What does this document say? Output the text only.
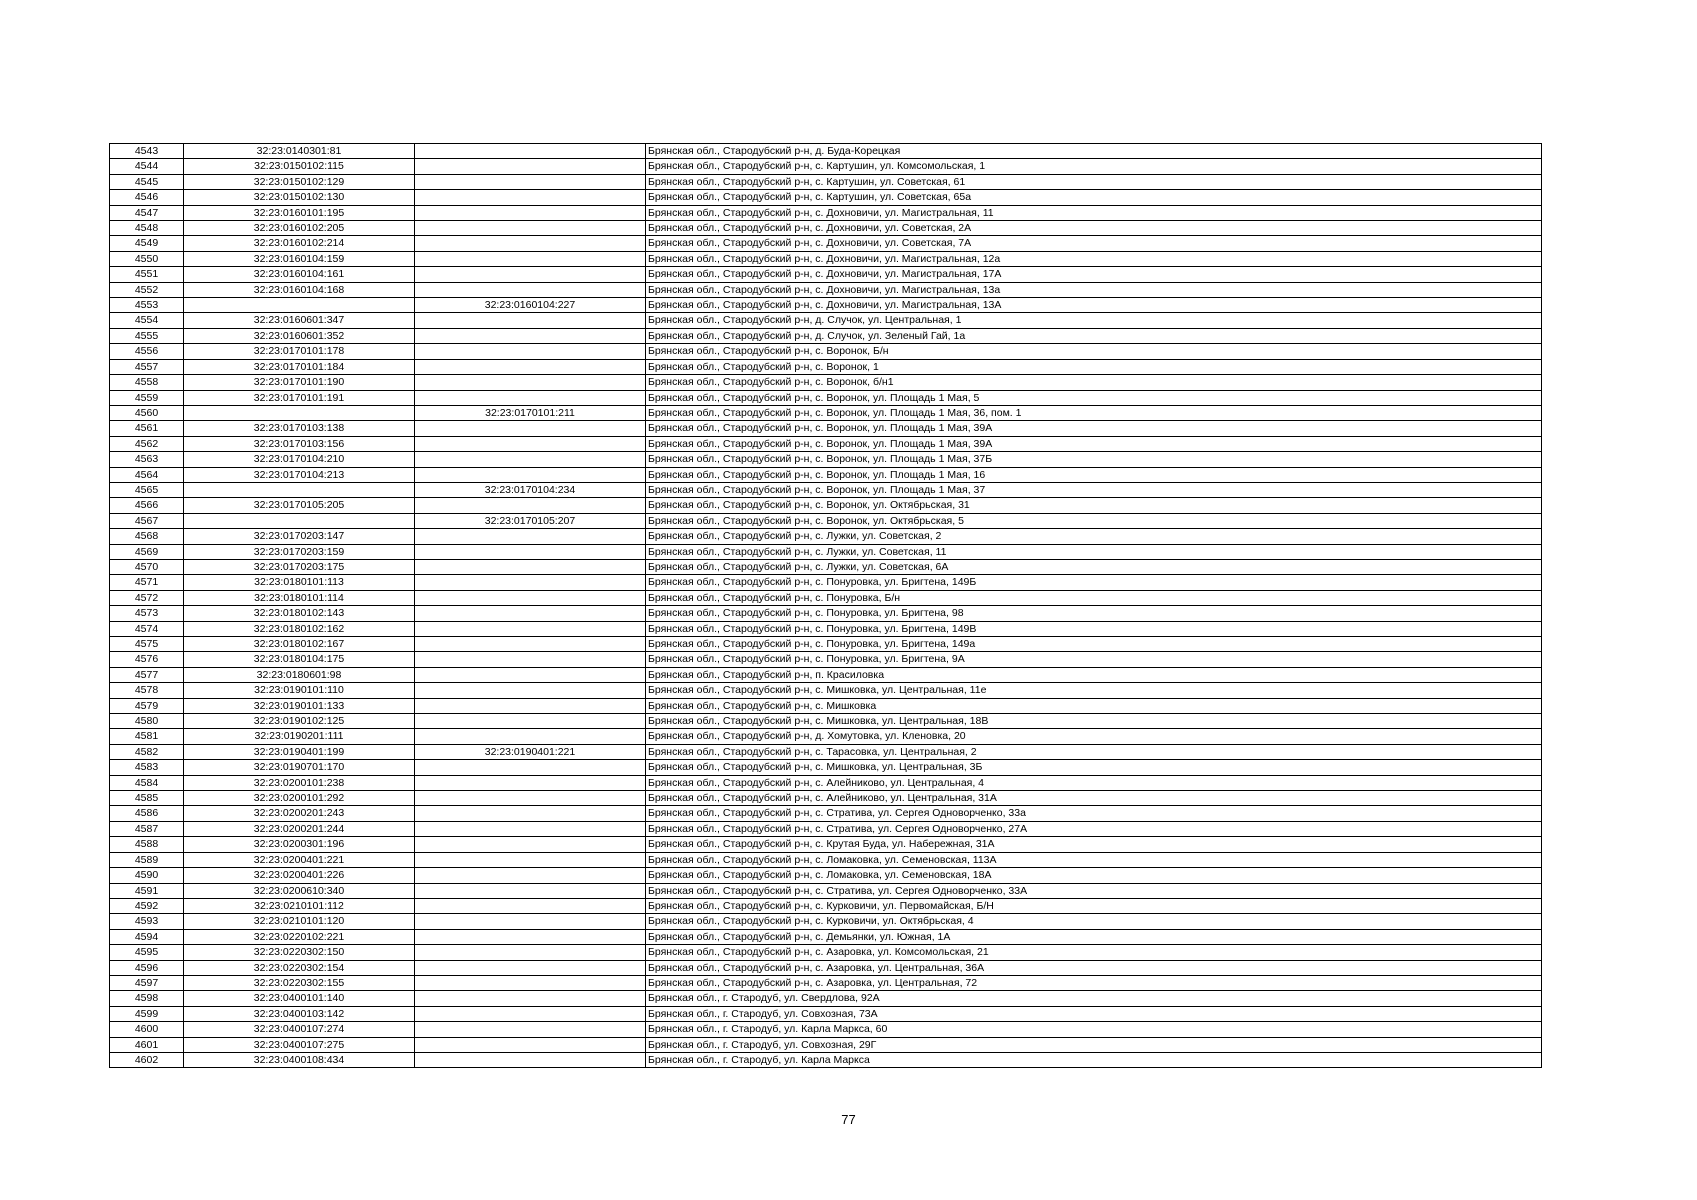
4543	32:23:0140301:81		Брянская обл., Стародубский р-н, д. Буда-Корецкая
4544	32:23:0150102:115		Брянская обл., Стародубский р-н, с. Картушин, ул. Комсомольская, 1
4545	32:23:0150102:129		Брянская обл., Стародубский р-н, с. Картушин, ул. Советская, 61
4546	32:23:0150102:130		Брянская обл., Стародубский р-н, с. Картушин, ул. Советская, 65а
4547	32:23:0160101:195		Брянская обл., Стародубский р-н, с. Дохновичи, ул. Магистральная, 11
4548	32:23:0160102:205		Брянская обл., Стародубский р-н, с. Дохновичи, ул. Советская, 2А
4549	32:23:0160102:214		Брянская обл., Стародубский р-н, с. Дохновичи, ул. Советская, 7А
4550	32:23:0160104:159		Брянская обл., Стародубский р-н, с. Дохновичи, ул. Магистральная, 12а
4551	32:23:0160104:161		Брянская обл., Стародубский р-н, с. Дохновичи, ул. Магистральная, 17А
4552	32:23:0160104:168		Брянская обл., Стародубский р-н, с. Дохновичи, ул. Магистральная, 13а
4553		32:23:0160104:227	Брянская обл., Стародубский р-н, с. Дохновичи, ул. Магистральная, 13А
4554	32:23:0160601:347		Брянская обл., Стародубский р-н, д. Случок, ул. Центральная, 1
4555	32:23:0160601:352		Брянская обл., Стародубский р-н, д. Случок, ул. Зеленый Гай, 1а
4556	32:23:0170101:178		Брянская обл., Стародубский р-н, с. Воронок, Б/н
4557	32:23:0170101:184		Брянская обл., Стародубский р-н, с. Воронок, 1
4558	32:23:0170101:190		Брянская обл., Стародубский р-н, с. Воронок, б/н1
4559	32:23:0170101:191		Брянская обл., Стародубский р-н, с. Воронок, ул. Площадь 1 Мая, 5
4560		32:23:0170101:211	Брянская обл., Стародубский р-н, с. Воронок, ул. Площадь 1 Мая, 36, пом. 1
4561	32:23:0170103:138		Брянская обл., Стародубский р-н, с. Воронок, ул. Площадь 1 Мая, 39А
4562	32:23:0170103:156		Брянская обл., Стародубский р-н, с. Воронок, ул. Площадь 1 Мая, 39А
4563	32:23:0170104:210		Брянская обл., Стародубский р-н, с. Воронок, ул. Площадь 1 Мая, 37Б
4564	32:23:0170104:213		Брянская обл., Стародубский р-н, с. Воронок, ул. Площадь 1 Мая, 16
4565		32:23:0170104:234	Брянская обл., Стародубский р-н, с. Воронок, ул. Площадь 1 Мая, 37
4566	32:23:0170105:205		Брянская обл., Стародубский р-н, с. Воронок, ул. Октябрьская, 31
4567		32:23:0170105:207	Брянская обл., Стародубский р-н, с. Воронок, ул. Октябрьская, 5
4568	32:23:0170203:147		Брянская обл., Стародубский р-н, с. Лужки, ул. Советская, 2
4569	32:23:0170203:159		Брянская обл., Стародубский р-н, с. Лужки, ул. Советская, 11
4570	32:23:0170203:175		Брянская обл., Стародубский р-н, с. Лужки, ул. Советская, 6А
4571	32:23:0180101:113		Брянская обл., Стародубский р-н, с. Понуровка, ул. Бригтена, 149Б
4572	32:23:0180101:114		Брянская обл., Стародубский р-н, с. Понуровка, Б/н
4573	32:23:0180102:143		Брянская обл., Стародубский р-н, с. Понуровка, ул. Бригтена, 98
4574	32:23:0180102:162		Брянская обл., Стародубский р-н, с. Понуровка, ул. Бригтена, 149В
4575	32:23:0180102:167		Брянская обл., Стародубский р-н, с. Понуровка, ул. Бригтена, 149а
4576	32:23:0180104:175		Брянская обл., Стародубский р-н, с. Понуровка, ул. Бригтена, 9А
4577	32:23:0180601:98		Брянская обл., Стародубский р-н, п. Красиловка
4578	32:23:0190101:110		Брянская обл., Стародубский р-н, с. Мишковка, ул. Центральная, 11е
4579	32:23:0190101:133		Брянская обл., Стародубский р-н, с. Мишковка
4580	32:23:0190102:125		Брянская обл., Стародубский р-н, с. Мишковка, ул. Центральная, 18В
4581	32:23:0190201:111		Брянская обл., Стародубский р-н, д. Хомутовка, ул. Кленовка, 20
4582	32:23:0190401:199	32:23:0190401:221	Брянская обл., Стародубский р-н, с. Тарасовка, ул. Центральная, 2
4583	32:23:0190701:170		Брянская обл., Стародубский р-н, с. Мишковка, ул. Центральная, 3Б
4584	32:23:0200101:238		Брянская обл., Стародубский р-н, с. Алейниково, ул. Центральная, 4
4585	32:23:0200101:292		Брянская обл., Стародубский р-н, с. Алейниково, ул. Центральная, 31А
4586	32:23:0200201:243		Брянская обл., Стародубский р-н, с. Стратива, ул. Сергея Одноворченко, 33а
4587	32:23:0200201:244		Брянская обл., Стародубский р-н, с. Стратива, ул. Сергея Одноворченко, 27А
4588	32:23:0200301:196		Брянская обл., Стародубский р-н, с. Крутая Буда, ул. Набережная, 31А
4589	32:23:0200401:221		Брянская обл., Стародубский р-н, с. Ломаковка, ул. Семеновская, 113А
4590	32:23:0200401:226		Брянская обл., Стародубский р-н, с. Ломаковка, ул. Семеновская, 18А
4591	32:23:0200610:340		Брянская обл., Стародубский р-н, с. Стратива, ул. Сергея Одноворченко, 33А
4592	32:23:0210101:112		Брянская обл., Стародубский р-н, с. Курковичи, ул. Первомайская, Б/Н
4593	32:23:0210101:120		Брянская обл., Стародубский р-н, с. Курковичи, ул. Октябрьская, 4
4594	32:23:0220102:221		Брянская обл., Стародубский р-н, с. Демьянки, ул. Южная, 1А
4595	32:23:0220302:150		Брянская обл., Стародубский р-н, с. Азаровка, ул. Комсомольская, 21
4596	32:23:0220302:154		Брянская обл., Стародубский р-н, с. Азаровка, ул. Центральная, 36А
4597	32:23:0220302:155		Брянская обл., Стародубский р-н, с. Азаровка, ул. Центральная, 72
4598	32:23:0400101:140		Брянская обл., г. Стародуб, ул. Свердлова, 92А
4599	32:23:0400103:142		Брянская обл., г. Стародуб, ул. Совхозная, 73А
4600	32:23:0400107:274		Брянская обл., г. Стародуб, ул. Карла Маркса, 60
4601	32:23:0400107:275		Брянская обл., г. Стародуб, ул. Совхозная, 29Г
4602	32:23:0400108:434		Брянская обл., г. Стародуб, ул. Карла Маркса
77
